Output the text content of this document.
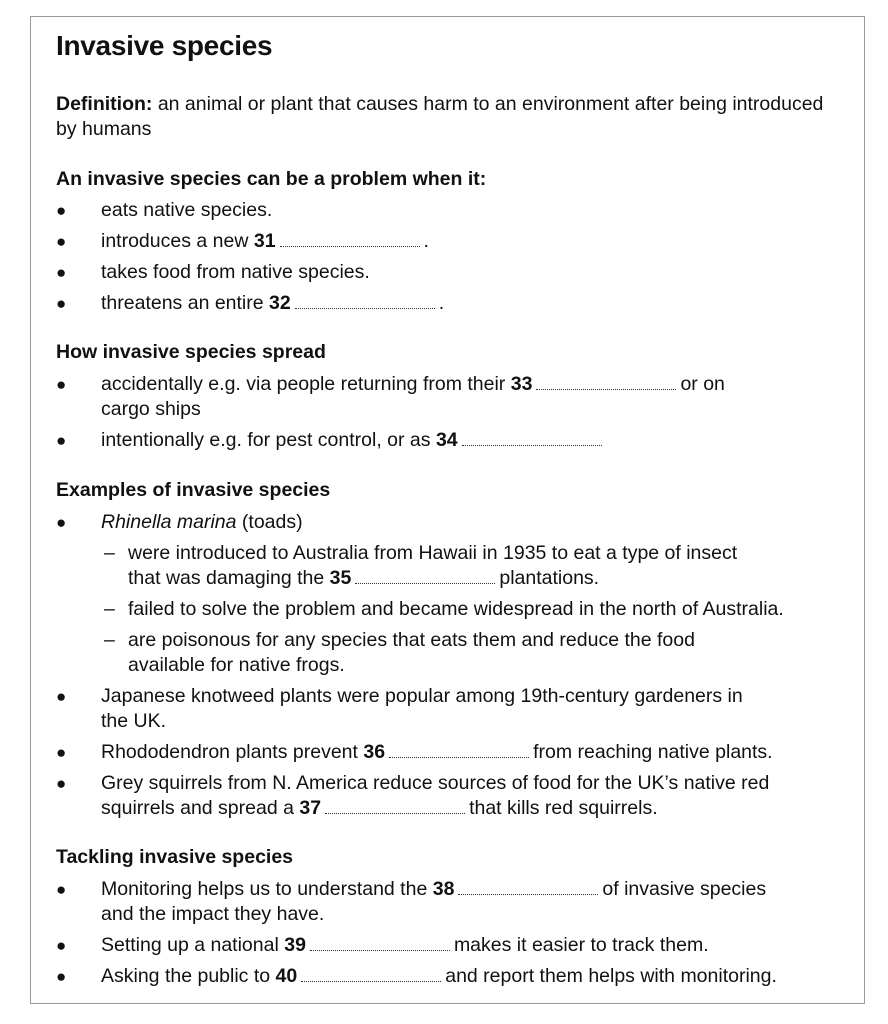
Invasive species

Definition: an animal or plant that causes harm to an environment after being introduced by humans

An invasive species can be a problem when it:
● eats native species.
● introduces a new 31	.
● takes food from native species.
● threatens an entire 32	.
How invasive species spread
● accidentally e.g. via people returning from their 33	or on
cargo ships
● intentionally e.g. for pest control, or as 34
Examples of invasive species
● Rhinella marina (toads)
– were introduced to Australia from Hawaii in 1935 to eat a type of insect
that was damaging the 35	plantations.
– failed to solve the problem and became widespread in the north of Australia.
– are poisonous for any species that eats them and reduce the food
available for native frogs.
● Japanese knotweed plants were popular among 19th-century gardeners in
the UK.
● Rhododendron plants prevent 36	from reaching native plants.
● Grey squirrels from N. America reduce sources of food for the UK’s native red
squirrels and spread a 37	that kills red squirrels.
Tackling invasive species
● Monitoring helps us to understand the 38	of invasive species
and the impact they have.
● Setting up a national 39	makes it easier to track them.
● Asking the public to 40	and report them helps with monitoring.
